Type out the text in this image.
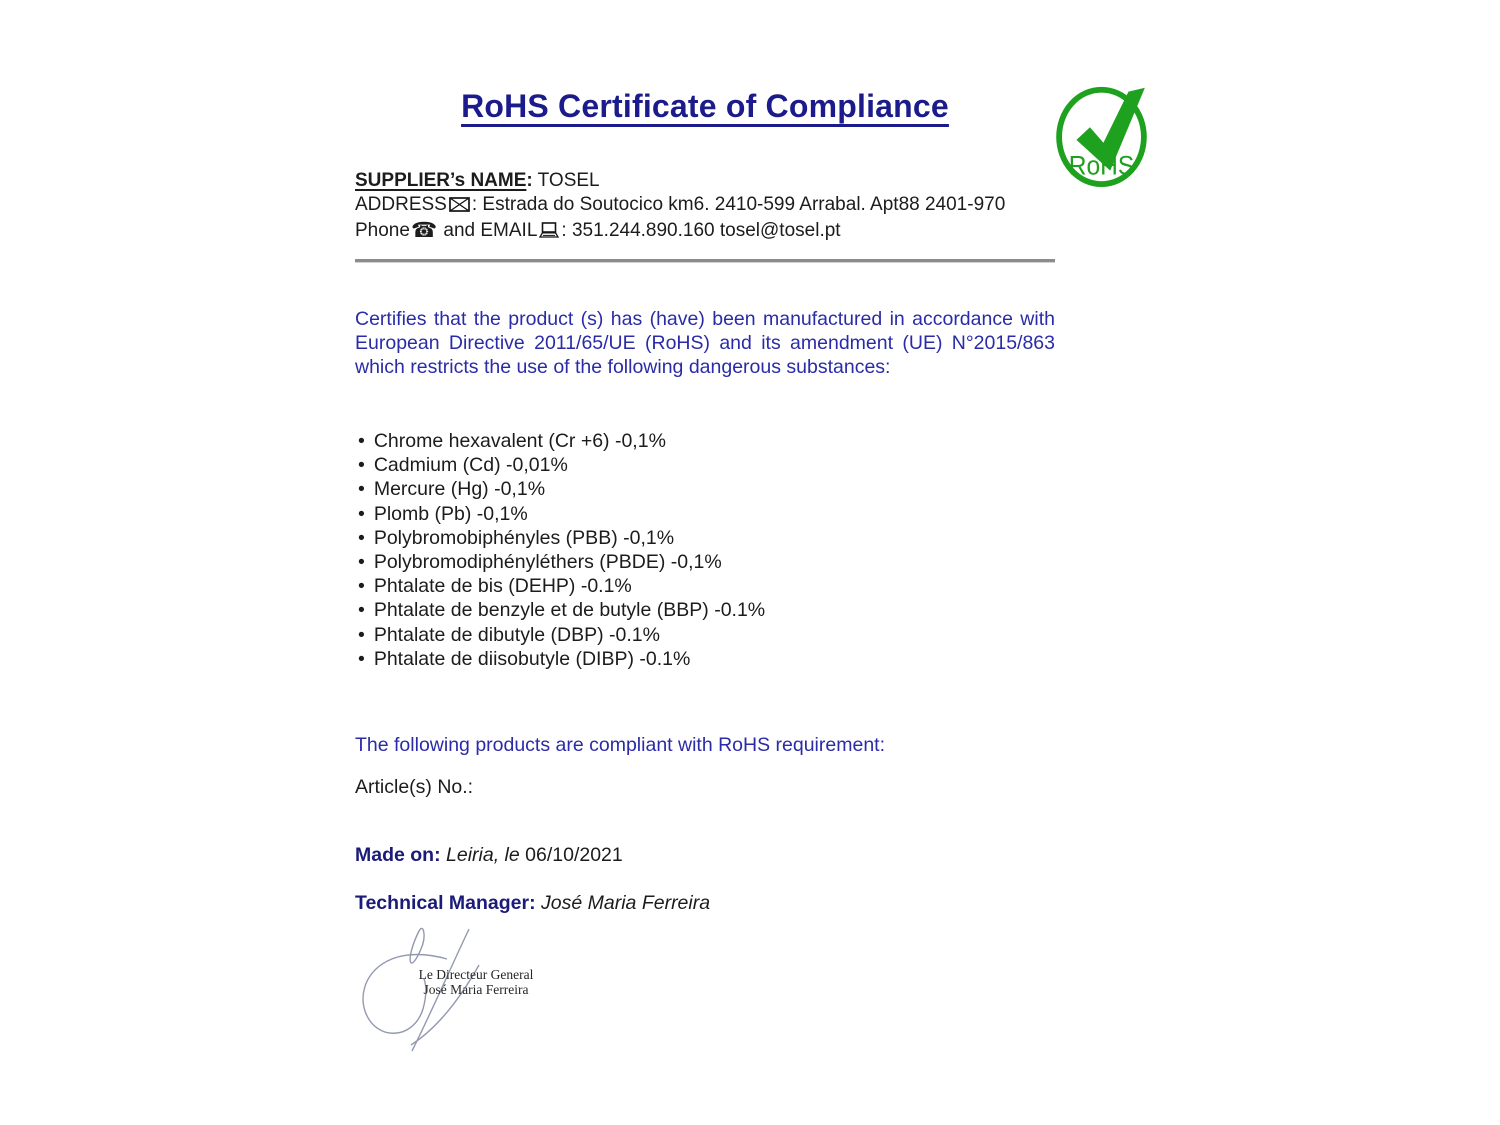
RoHS Certificate of Compliance
SUPPLIER’s NAME: TOSEL
ADDRESS : Estrada do Soutocico km6. 2410-599 Arrabal. Apt88 2401-970
Phone☎ and EMAIL : 351.244.890.160 tosel@tosel.pt

Certifies that the product (s) has (have) been manufactured in accordance with European Directive 2011/65/UE (RoHS) and its amendment (UE) N°2015/863 which restricts the use of the following dangerous substances:

• Chrome hexavalent (Cr +6) -0,1%
• Cadmium (Cd) -0,01%
• Mercure (Hg) -0,1%
• Plomb (Pb) -0,1%
• Polybromobiphényles (PBB) -0,1%
• Polybromodiphényléthers (PBDE) -0,1%
• Phtalate de bis (DEHP) -0.1%
• Phtalate de benzyle et de butyle (BBP) -0.1%
• Phtalate de dibutyle (DBP) -0.1%
• Phtalate de diisobutyle (DIBP) -0.1%

The following products are compliant with RoHS requirement:

Article(s) No.:

Made on: Leiria, le 06/10/2021

Technical Manager: José Maria Ferreira

Le Directeur General
José Maria Ferreira
RoHS
